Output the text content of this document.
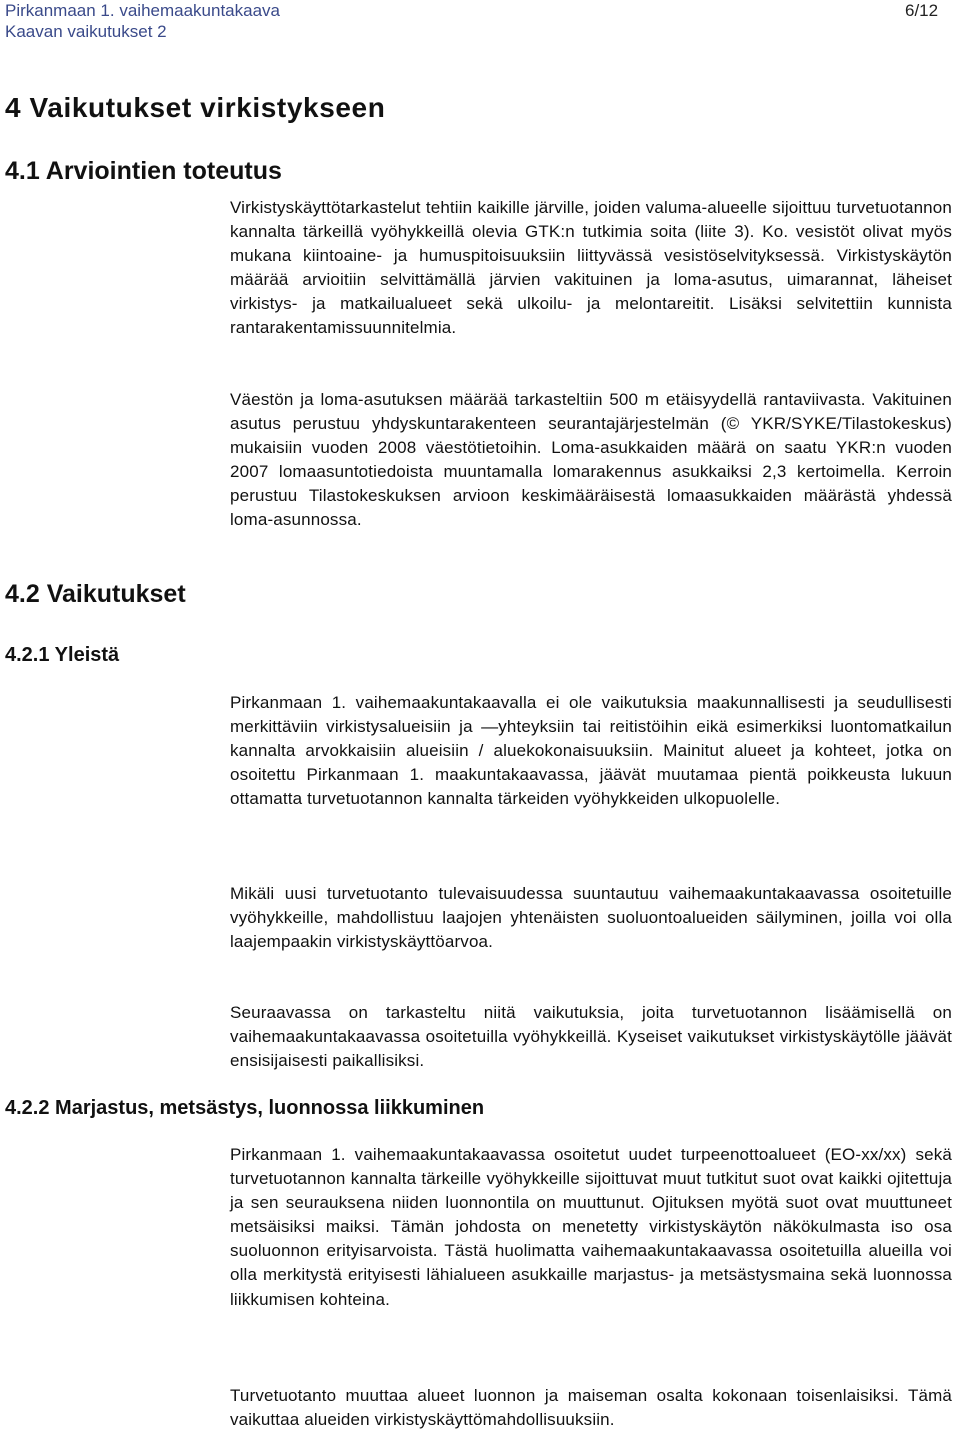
Pirkanmaan 1. vaihemaakuntakaava	6/12
Kaavan vaikutukset 2
4 Vaikutukset virkistykseen
4.1 Arviointien toteutus

Virkistyskäyttötarkastelut tehtiin kaikille järville, joiden valuma-alueelle sijoittuu turvetuotannon kannalta tärkeillä vyöhykkeillä olevia GTK:n tutkimia soita (liite 3). Ko. vesistöt olivat myös mukana kiintoaine- ja humuspitoisuuksiin liittyvässä vesistöselvityksessä. Virkistyskäytön määrää arvioitiin selvittämällä järvien vakituinen ja loma-asutus, uimarannat, läheiset virkistys- ja matkailualueet sekä ulkoilu- ja melontareitit. Lisäksi selvitettiin kunnista rantarakentamissuunnitelmia.

Väestön ja loma-asutuksen määrää tarkasteltiin 500 m etäisyydellä rantaviivasta. Vakituinen asutus perustuu yhdyskuntarakenteen seurantajärjestelmän (© YKR/SYKE/Tilastokeskus) mukaisiin vuoden 2008 väestötietoihin. Loma-asukkaiden määrä on saatu YKR:n vuoden 2007 lomaasuntotiedoista muuntamalla lomarakennus asukkaiksi 2,3 kertoimella. Kerroin perustuu Tilastokeskuksen arvioon keskimääräisestä lomaasukkaiden määrästä yhdessä loma-asunnossa.

4.2 Vaikutukset
4.2.1 Yleistä

Pirkanmaan 1. vaihemaakuntakaavalla ei ole vaikutuksia maakunnallisesti ja seudullisesti merkittäviin virkistysalueisiin ja —yhteyksiin tai reitistöihin eikä esimerkiksi luontomatkailun kannalta arvokkaisiin alueisiin / aluekokonaisuuksiin. Mainitut alueet ja kohteet, jotka on osoitettu Pirkanmaan 1. maakuntakaavassa, jäävät muutamaa pientä poikkeusta lukuun ottamatta turvetuotannon kannalta tärkeiden vyöhykkeiden ulkopuolelle.

Mikäli uusi turvetuotanto tulevaisuudessa suuntautuu vaihemaakuntakaavassa osoitetuille vyöhykkeille, mahdollistuu laajojen yhtenäisten suoluontoalueiden säilyminen, joilla voi olla laajempaakin virkistyskäyttöarvoa.

Seuraavassa on tarkasteltu niitä vaikutuksia, joita turvetuotannon lisäämisellä on vaihemaakuntakaavassa osoitetuilla vyöhykkeillä. Kyseiset vaikutukset virkistyskäytölle jäävät ensisijaisesti paikallisiksi.

4.2.2 Marjastus, metsästys, luonnossa liikkuminen

Pirkanmaan 1. vaihemaakuntakaavassa osoitetut uudet turpeenottoalueet (EO-xx/xx) sekä turvetuotannon kannalta tärkeille vyöhykkeille sijoittuvat muut tutkitut suot ovat kaikki ojitettuja ja sen seurauksena niiden luonnontila on muuttunut. Ojituksen myötä suot ovat muuttuneet metsäisiksi maiksi. Tämän johdosta on menetetty virkistyskäytön näkökulmasta iso osa suoluonnon erityisarvoista. Tästä huolimatta vaihemaakuntakaavassa osoitetuilla alueilla voi olla merkitystä erityisesti lähialueen asukkaille marjastus- ja metsästysmaina sekä luonnossa liikkumisen kohteina.

Turvetuotanto muuttaa alueet luonnon ja maiseman osalta kokonaan toisenlaisiksi. Tämä vaikuttaa alueiden virkistyskäyttömahdollisuuksiin.
